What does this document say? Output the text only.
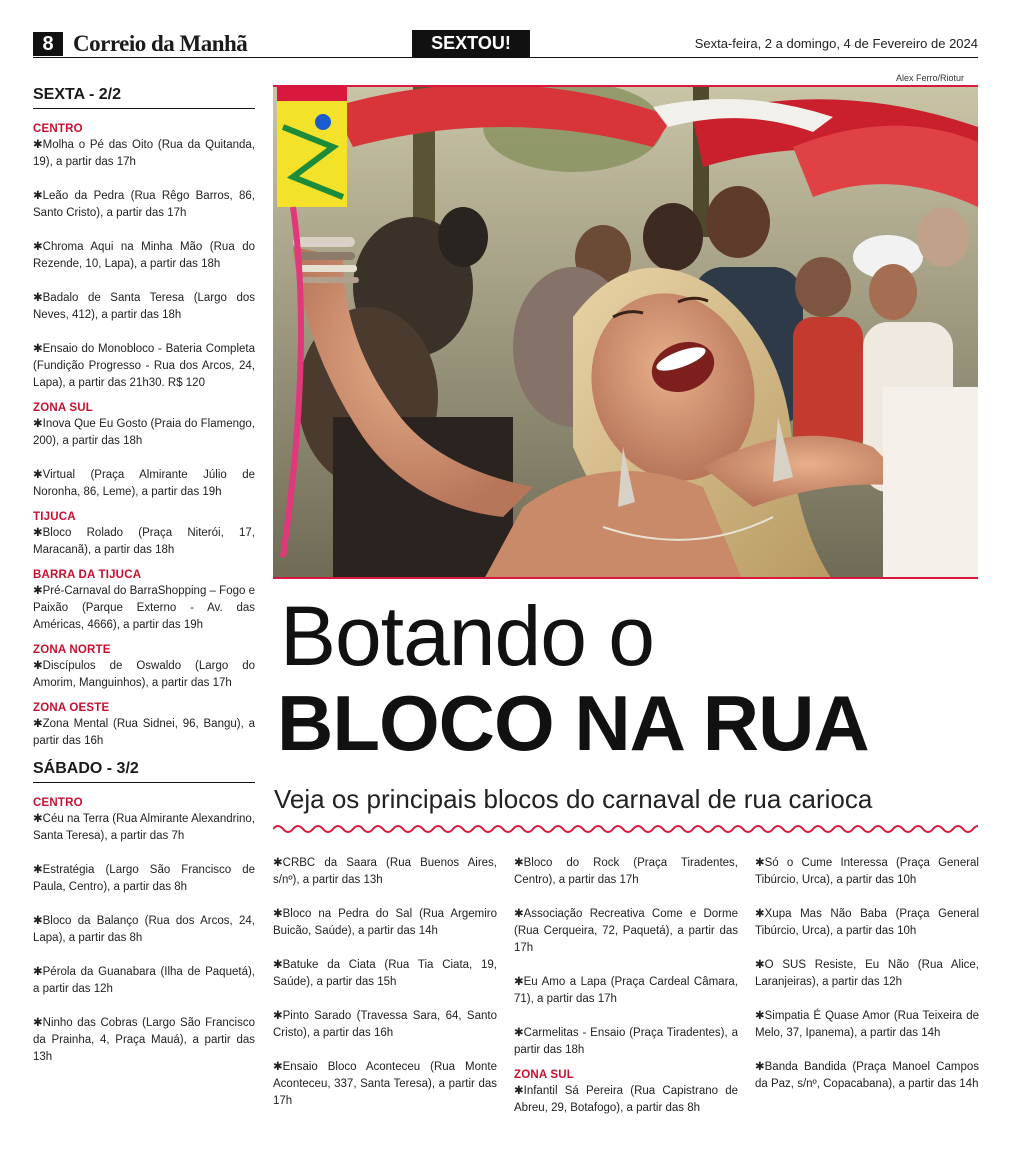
8 Correio da Manhã	SEXTOU!	Sexta-feira, 2 a domingo, 4 de Fevereiro de 2024
SEXTA - 2/2
CENTRO
✱Molha o Pé das Oito (Rua da Quitanda, 19), a partir das 17h
✱Leão da Pedra (Rua Rêgo Barros, 86, Santo Cristo), a partir das 17h
✱Chroma Aqui na Minha Mão (Rua do Rezende, 10, Lapa), a partir das 18h
✱Badalo de Santa Teresa (Largo dos Neves, 412), a partir das 18h
✱Ensaio do Monobloco - Bateria Completa (Fundição Progresso - Rua dos Arcos, 24, Lapa), a partir das 21h30. R$ 120
ZONA SUL
✱Inova Que Eu Gosto (Praia do Flamengo, 200), a partir das 18h
✱Virtual (Praça Almirante Júlio de Noronha, 86, Leme), a partir das 19h
TIJUCA
✱Bloco Rolado (Praça Niterói, 17, Maracanã), a partir das 18h
BARRA DA TIJUCA
✱Pré-Carnaval do BarraShopping – Fogo e Paixão (Parque Externo - Av. das Américas, 4666), a partir das 19h
ZONA NORTE
✱Discípulos de Oswaldo (Largo do Amorim, Manguinhos), a partir das 17h
ZONA OESTE
✱Zona Mental (Rua Sidnei, 96, Bangu), a partir das 16h
SÁBADO - 3/2
CENTRO
✱Céu na Terra (Rua Almirante Alexandrino, Santa Teresa), a partir das 7h
✱Estratégia (Largo São Francisco de Paula, Centro), a partir das 8h
✱Bloco da Balanço (Rua dos Arcos, 24, Lapa), a partir das 8h
✱Pérola da Guanabara (Ilha de Paquetá), a partir das 12h
✱Ninho das Cobras (Largo São Francisco da Prainha, 4, Praça Mauá), a partir das 13h
Alex Ferro/Riotur
Botando o
BLOCO NA RUA
Veja os principais blocos do carnaval de rua carioca
✱CRBC da Saara (Rua Buenos Aires, s/nº), a partir das 13h
✱Bloco na Pedra do Sal (Rua Argemiro Buicão, Saúde), a partir das 14h
✱Batuke da Ciata (Rua Tia Ciata, 19, Saúde), a partir das 15h
✱Pinto Sarado (Travessa Sara, 64, Santo Cristo), a partir das 16h
✱Ensaio Bloco Aconteceu (Rua Monte Aconteceu, 337, Santa Teresa), a partir das 17h
✱Bloco do Rock (Praça Tiradentes, Centro), a partir das 17h
✱Associação Recreativa Come e Dorme (Rua Cerqueira, 72, Paquetá), a partir das 17h
✱Eu Amo a Lapa (Praça Cardeal Câmara, 71), a partir das 17h
✱Carmelitas - Ensaio (Praça Tiradentes), a partir das 18h
ZONA SUL
✱Infantil Sá Pereira (Rua Capistrano de Abreu, 29, Botafogo), a partir das 8h
✱Só o Cume Interessa (Praça General Tibúrcio, Urca), a partir das 10h
✱Xupa Mas Não Baba (Praça General Tibúrcio, Urca), a partir das 10h
✱O SUS Resiste, Eu Não (Rua Alice, Laranjeiras), a partir das 12h
✱Simpatia É Quase Amor (Rua Teixeira de Melo, 37, Ipanema), a partir das 14h
✱Banda Bandida (Praça Manoel Campos da Paz, s/nº, Copacabana), a partir das 14h
